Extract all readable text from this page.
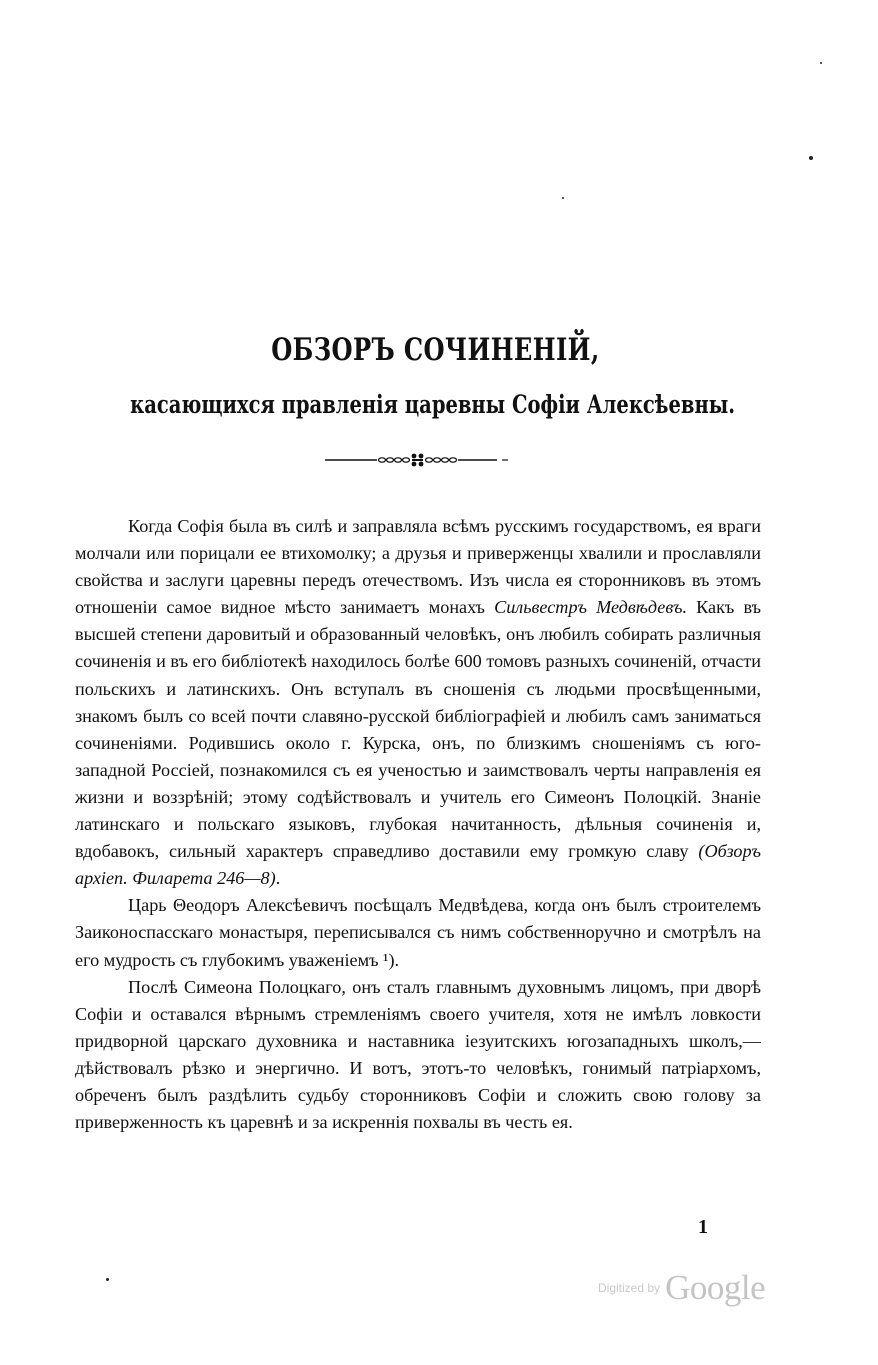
ОБЗОРЪ СОЧИНЕНІЙ,
касающихся правленія царевны Софіи Алексѣевны.

Когда Софія была въ силѣ и заправляла всѣмъ русскимъ государствомъ, ея враги молчали или порицали ее втихомолку; а друзья и приверженцы хвалили и прославляли свойства и заслуги царевны передъ отечествомъ. Изъ числа ея сторонниковъ въ этомъ отношеніи самое видное мѣсто занимаетъ монахъ Сильвестръ Медвѣдевъ. Какъ въ высшей степени даровитый и образованный человѣкъ, онъ любилъ собирать различныя сочиненія и въ его библіотекѣ находилось болѣе 600 томовъ разныхъ сочиненій, отчасти польскихъ и латинскихъ. Онъ вступалъ въ сношенія съ людьми просвѣщенными, знакомъ былъ со всей почти славяно-русской библіографіей и любилъ самъ заниматься сочиненіями. Родившись около г. Курска, онъ, по близкимъ сношеніямъ съ юго-западной Россіей, познакомился съ ея ученостью и заимствовалъ черты направленія ея жизни и воззрѣній; этому содѣйствовалъ и учитель его Симеонъ Полоцкій. Знаніе латинскаго и польскаго языковъ, глубокая начитанность, дѣльныя сочиненія и, вдобавокъ, сильный характеръ справедливо доставили ему громкую славу (Обзоръ архіеп. Филарета 246—8).

Царь Θеодоръ Алексѣевичъ посѣщалъ Медвѣдева, когда онъ былъ строителемъ Заиконоспасскаго монастыря, переписывался съ нимъ собственноручно и смотрѣлъ на его мудрость съ глубокимъ уваженіемъ ¹).

Послѣ Симеона Полоцкаго, онъ сталъ главнымъ духовнымъ лицомъ, при дворѣ Софіи и оставался вѣрнымъ стремленіямъ своего учителя, хотя не имѣлъ ловкости придворной царскаго духовника и наставника іезуитскихъ югозападныхъ школъ,—дѣйствовалъ рѣзко и энергично. И вотъ, этотъ-то человѣкъ, гонимый патріархомъ, обреченъ былъ раздѣлить судьбу сторонниковъ Софіи и сложить свою голову за приверженность къ царевнѣ и за искреннія похвалы въ честь ея.

1
$^{Digitized by}$ Google
